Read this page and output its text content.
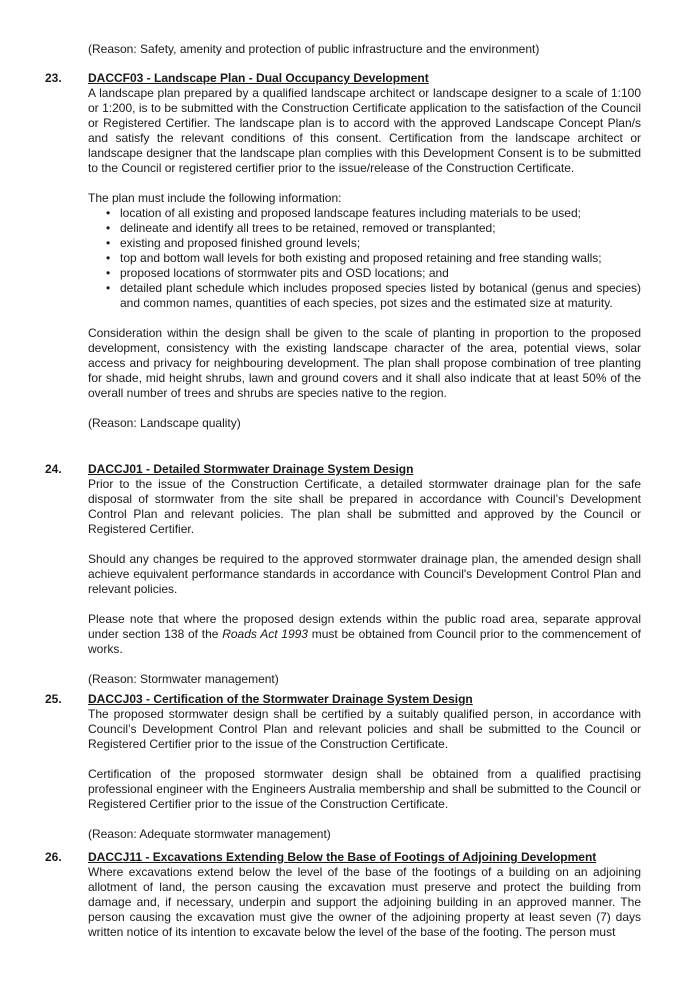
(Reason: Safety, amenity and protection of public infrastructure and the environment)

23. DACCF03 - Landscape Plan - Dual Occupancy Development

A landscape plan prepared by a qualified landscape architect or landscape designer to a scale of 1:100 or 1:200, is to be submitted with the Construction Certificate application to the satisfaction of the Council or Registered Certifier. The landscape plan is to accord with the approved Landscape Concept Plan/s and satisfy the relevant conditions of this consent. Certification from the landscape architect or landscape designer that the landscape plan complies with this Development Consent is to be submitted to the Council or registered certifier prior to the issue/release of the Construction Certificate.

The plan must include the following information:

• location of all existing and proposed landscape features including materials to be used;
• delineate and identify all trees to be retained, removed or transplanted;
• existing and proposed finished ground levels;
• top and bottom wall levels for both existing and proposed retaining and free standing walls;
• proposed locations of stormwater pits and OSD locations; and
• detailed plant schedule which includes proposed species listed by botanical (genus and species) and common names, quantities of each species, pot sizes and the estimated size at maturity.

Consideration within the design shall be given to the scale of planting in proportion to the proposed development, consistency with the existing landscape character of the area, potential views, solar access and privacy for neighbouring development. The plan shall propose combination of tree planting for shade, mid height shrubs, lawn and ground covers and it shall also indicate that at least 50% of the overall number of trees and shrubs are species native to the region.

(Reason: Landscape quality)

24. DACCJ01 - Detailed Stormwater Drainage System Design

Prior to the issue of the Construction Certificate, a detailed stormwater drainage plan for the safe disposal of stormwater from the site shall be prepared in accordance with Council’s Development Control Plan and relevant policies. The plan shall be submitted and approved by the Council or Registered Certifier.

Should any changes be required to the approved stormwater drainage plan, the amended design shall achieve equivalent performance standards in accordance with Council's Development Control Plan and relevant policies.

Please note that where the proposed design extends within the public road area, separate approval under section 138 of the Roads Act 1993 must be obtained from Council prior to the commencement of works.

(Reason: Stormwater management)

25. DACCJ03 - Certification of the Stormwater Drainage System Design

The proposed stormwater design shall be certified by a suitably qualified person, in accordance with Council’s Development Control Plan and relevant policies and shall be submitted to the Council or Registered Certifier prior to the issue of the Construction Certificate.

Certification of the proposed stormwater design shall be obtained from a qualified practising professional engineer with the Engineers Australia membership and shall be submitted to the Council or Registered Certifier prior to the issue of the Construction Certificate.

(Reason: Adequate stormwater management)

26. DACCJ11 - Excavations Extending Below the Base of Footings of Adjoining Development

Where excavations extend below the level of the base of the footings of a building on an adjoining allotment of land, the person causing the excavation must preserve and protect the building from damage and, if necessary, underpin and support the adjoining building in an approved manner. The person causing the excavation must give the owner of the adjoining property at least seven (7) days written notice of its intention to excavate below the level of the base of the footing. The person must
